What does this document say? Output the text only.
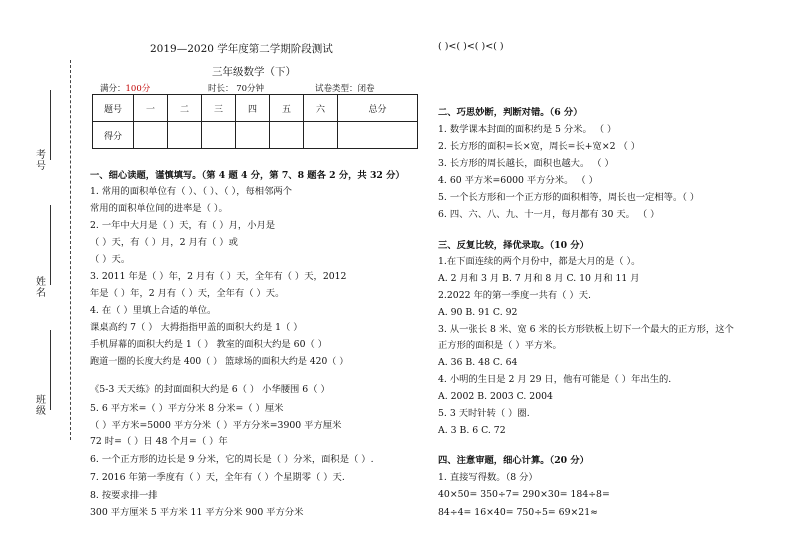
考号
姓名
班级
2019—2020 学年度第二学期阶段测试	( )<( )<( )<( )
三年级数学（下）
满分：100分	时长： 70分钟	试卷类型：闭卷
题号	一	二	三	四	五	六	总分
得分							
一、细心读题，谨慎填写。（第 4 题 4 分，第 7、8 题各 2 分，共 32 分）
1. 常用的面积单位有（ ）、（ ）、（ ），每相邻两个
常用的面积单位间的进率是（ ）。
2. 一年中大月是（ ）天，有（ ）月，小月是
（ ）天，有（ ）月，2 月有（ ）或
（ ）天。
3. 2011 年是（ ）年，2 月有（ ）天，全年有（ ）天，2012
年是（ ）年，2 月有（ ）天，全年有（ ）天。
4. 在（ ）里填上合适的单位。
课桌高约 7（ ） 大拇指指甲盖的面积大约是 1（ ）
手机屏幕的面积大约是 1（ ） 教室的面积大约是 60（ ）
跑道一圈的长度大约是 400（ ） 篮球场的面积大约是 420（ ）
《5-3 天天练》的封面面积大约是 6（ ） 小华腰围 6（ ）
5. 6 平方米=（ ）平方分米 8 分米=（ ）厘米
（ ）平方米=5000 平方分米（ ）平方分米=3900 平方厘米
72 时=（ ）日 48 个月=（ ）年
6. 一个正方形的边长是 9 分米，它的周长是（ ）分米，面积是（ ）.
7. 2016 年第一季度有（ ）天，全年有（ ）个星期零（ ）天.
8. 按要求排一排
300 平方厘米 5 平方米 11 平方分米 900 平方分米
二、巧思妙断，判断对错。（6 分）
1. 数学课本封面的面积约是 5 分米。 （ ）
2. 长方形的面积=长×宽，周长=长+宽×2 （ ）
3. 长方形的周长越长，面积也越大。 （ ）
4. 60 平方米=6000 平方分米。 （ ）
5. 一个长方形和一个正方形的面积相等，周长也一定相等。（ ）
6. 四、六、八、九、十一月，每月都有 30 天。 （ ）
三、反复比较，择优录取。（10 分）
1.在下面连续的两个月份中，都是大月的是（ ）。
A. 2 月和 3 月 B. 7 月和 8 月 C. 10 月和 11 月
2.2022 年的第一季度一共有（ ）天.
A. 90 B. 91 C. 92
3. 从一张长 8 米、宽 6 米的长方形铁板上切下一个最大的正方形，这个
正方形的面积是（ ）平方米。
A. 36 B. 48 C. 64
4. 小明的生日是 2 月 29 日，他有可能是（ ）年出生的.
A. 2002 B. 2003 C. 2004
5. 3 天时针转（ ）圈.
A. 3 B. 6 C. 72
四、注意审题，细心计算。（20 分）
1. 直接写得数。（8 分）
40×50= 350÷7= 290×30= 184÷8=
84÷4= 16×40= 750÷5= 69×21≈
